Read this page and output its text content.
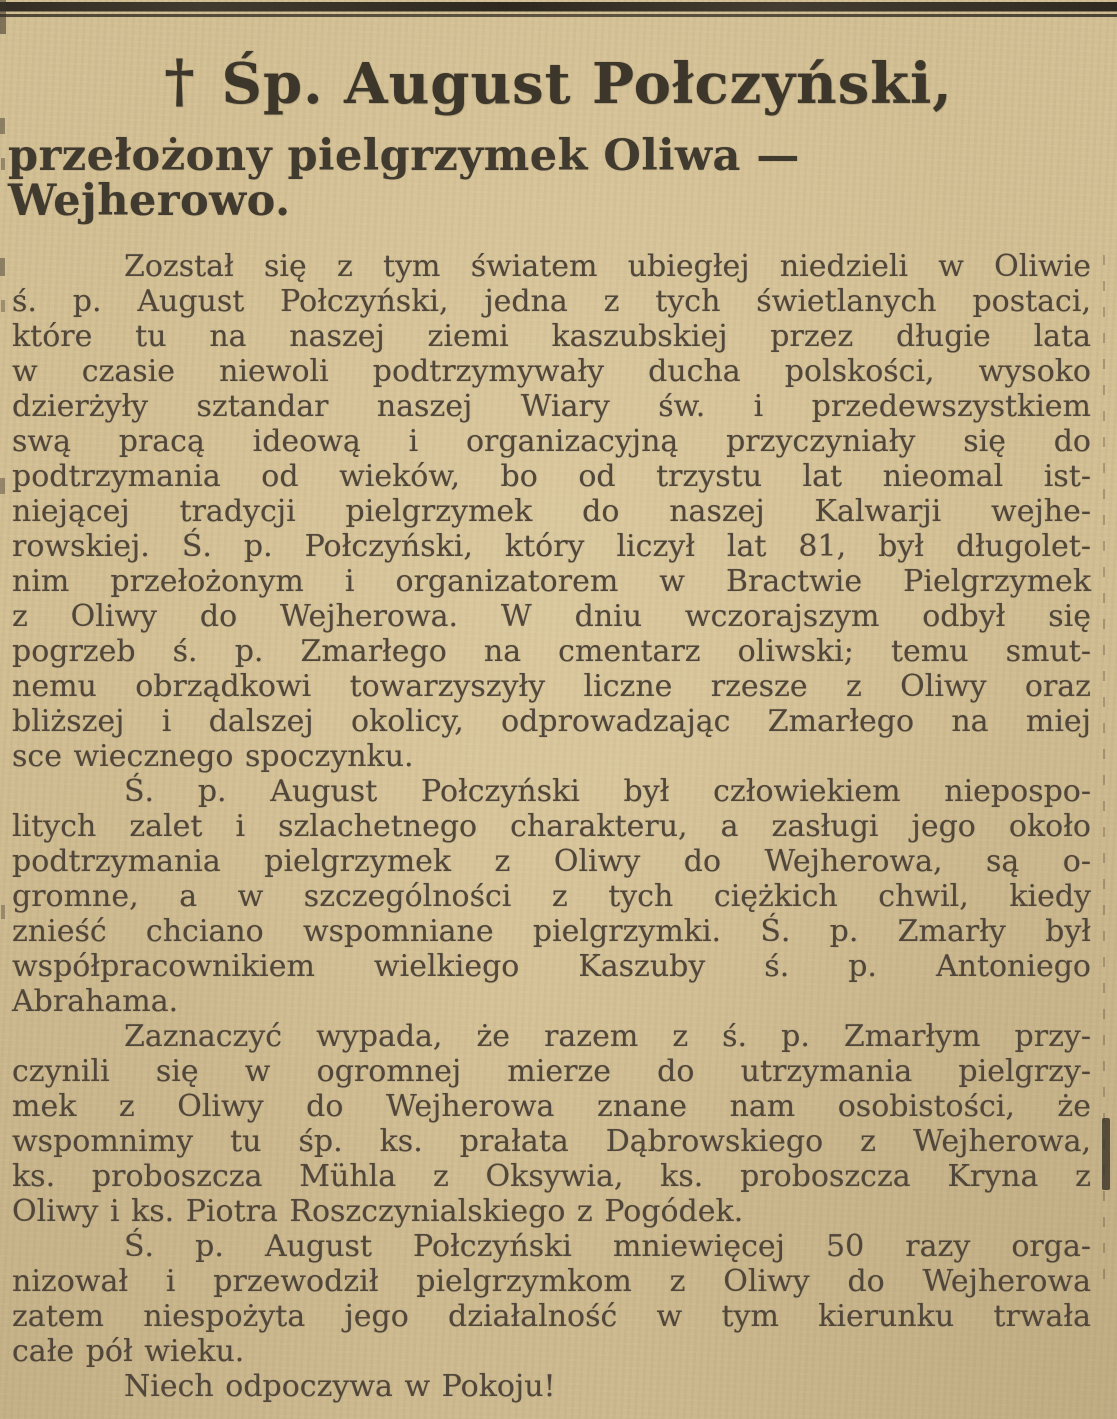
† Śp. August Połczyński,
przełożony pielgrzymek Oliwa — Wejherowo.
Zozstał się z tym światem ubiegłej niedzieli w Oliwie
ś. p. August Połczyński, jedna z tych świetlanych postaci,
które tu na naszej ziemi kaszubskiej przez długie lata
w czasie niewoli podtrzymywały ducha polskości, wysoko
dzierżyły sztandar naszej Wiary św. i przedewszystkiem
swą pracą ideową i organizacyjną przyczyniały się do
podtrzymania od wieków, bo od trzystu lat nieomal ist-
niejącej tradycji pielgrzymek do naszej Kalwarji wejhe-
rowskiej. Ś. p. Połczyński, który liczył lat 81, był długolet-
nim przełożonym i organizatorem w Bractwie Pielgrzymek
z Oliwy do Wejherowa. W dniu wczorajszym odbył się
pogrzeb ś. p. Zmarłego na cmentarz oliwski; temu smut-
nemu obrządkowi towarzyszyły liczne rzesze z Oliwy oraz
bliższej i dalszej okolicy, odprowadzając Zmarłego na miej
sce wiecznego spoczynku.
Ś. p. August Połczyński był człowiekiem niepospo-
litych zalet i szlachetnego charakteru, a zasługi jego około
podtrzymania pielgrzymek z Oliwy do Wejherowa, są o-
gromne, a w szczególności z tych ciężkich chwil, kiedy
znieść chciano wspomniane pielgrzymki. Ś. p. Zmarły był
współpracownikiem wielkiego Kaszuby ś. p. Antoniego
Abrahama.
Zaznaczyć wypada, że razem z ś. p. Zmarłym przy-
czynili się w ogromnej mierze do utrzymania pielgrzy-
mek z Oliwy do Wejherowa znane nam osobistości, że
wspomnimy tu śp. ks. prałata Dąbrowskiego z Wejherowa,
ks. proboszcza Mühla z Oksywia, ks. proboszcza Kryna z
Oliwy i ks. Piotra Roszczynialskiego z Pogódek.
Ś. p. August Połczyński mniewięcej 50 razy orga-
nizował i przewodził pielgrzymkom z Oliwy do Wejherowa
zatem niespożyta jego działalność w tym kierunku trwała
całe pół wieku.
Niech odpoczywa w Pokoju!
